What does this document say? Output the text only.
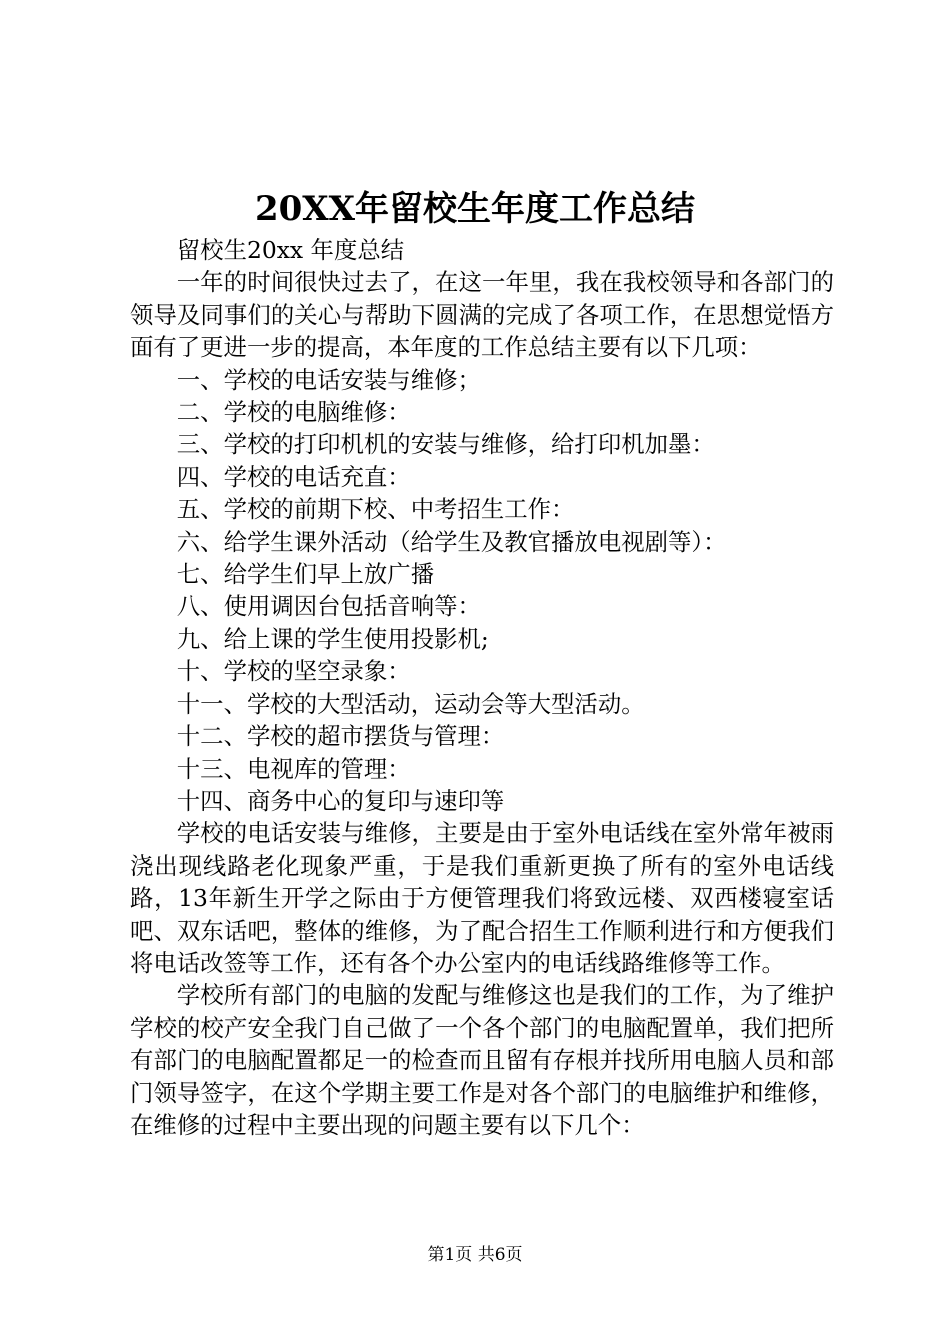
20XX年留校生年度工作总结

留校生20xx 年度总结

一年的时间很快过去了，在这一年里，我在我校领导和各部门的领导及同事们的关心与帮助下圆满的完成了各项工作，在思想觉悟方面有了更进一步的提高，本年度的工作总结主要有以下几项：

一、学校的电话安装与维修；

二、学校的电脑维修：

三、学校的打印机机的安装与维修，给打印机加墨：

四、学校的电话充直：

五、学校的前期下校、中考招生工作：

六、给学生课外活动（给学生及教官播放电视剧等）：

七、给学生们早上放广播

八、使用调因台包括音响等：

九、给上课的学生使用投影机;

十、学校的坚空录象：

十一、学校的大型活动，运动会等大型活动。

十二、学校的超市摆货与管理：

十三、电视库的管理：

十四、商务中心的复印与速印等

学校的电话安装与维修，主要是由于室外电话线在室外常年被雨浇出现线路老化现象严重，于是我们重新更换了所有的室外电话线路，13年新生开学之际由于方便管理我们将致远楼、双西楼寝室话吧、双东话吧，整体的维修，为了配合招生工作顺利进行和方便我们将电话改签等工作，还有各个办公室内的电话线路维修等工作。

学校所有部门的电脑的发配与维修这也是我们的工作，为了维护学校的校产安全我门自己做了一个各个部门的电脑配置单，我们把所有部门的电脑配置都足一的检查而且留有存根并找所用电脑人员和部门领导签字，在这个学期主要工作是对各个部门的电脑维护和维修，在维修的过程中主要出现的问题主要有以下几个：

第1页 共6页
